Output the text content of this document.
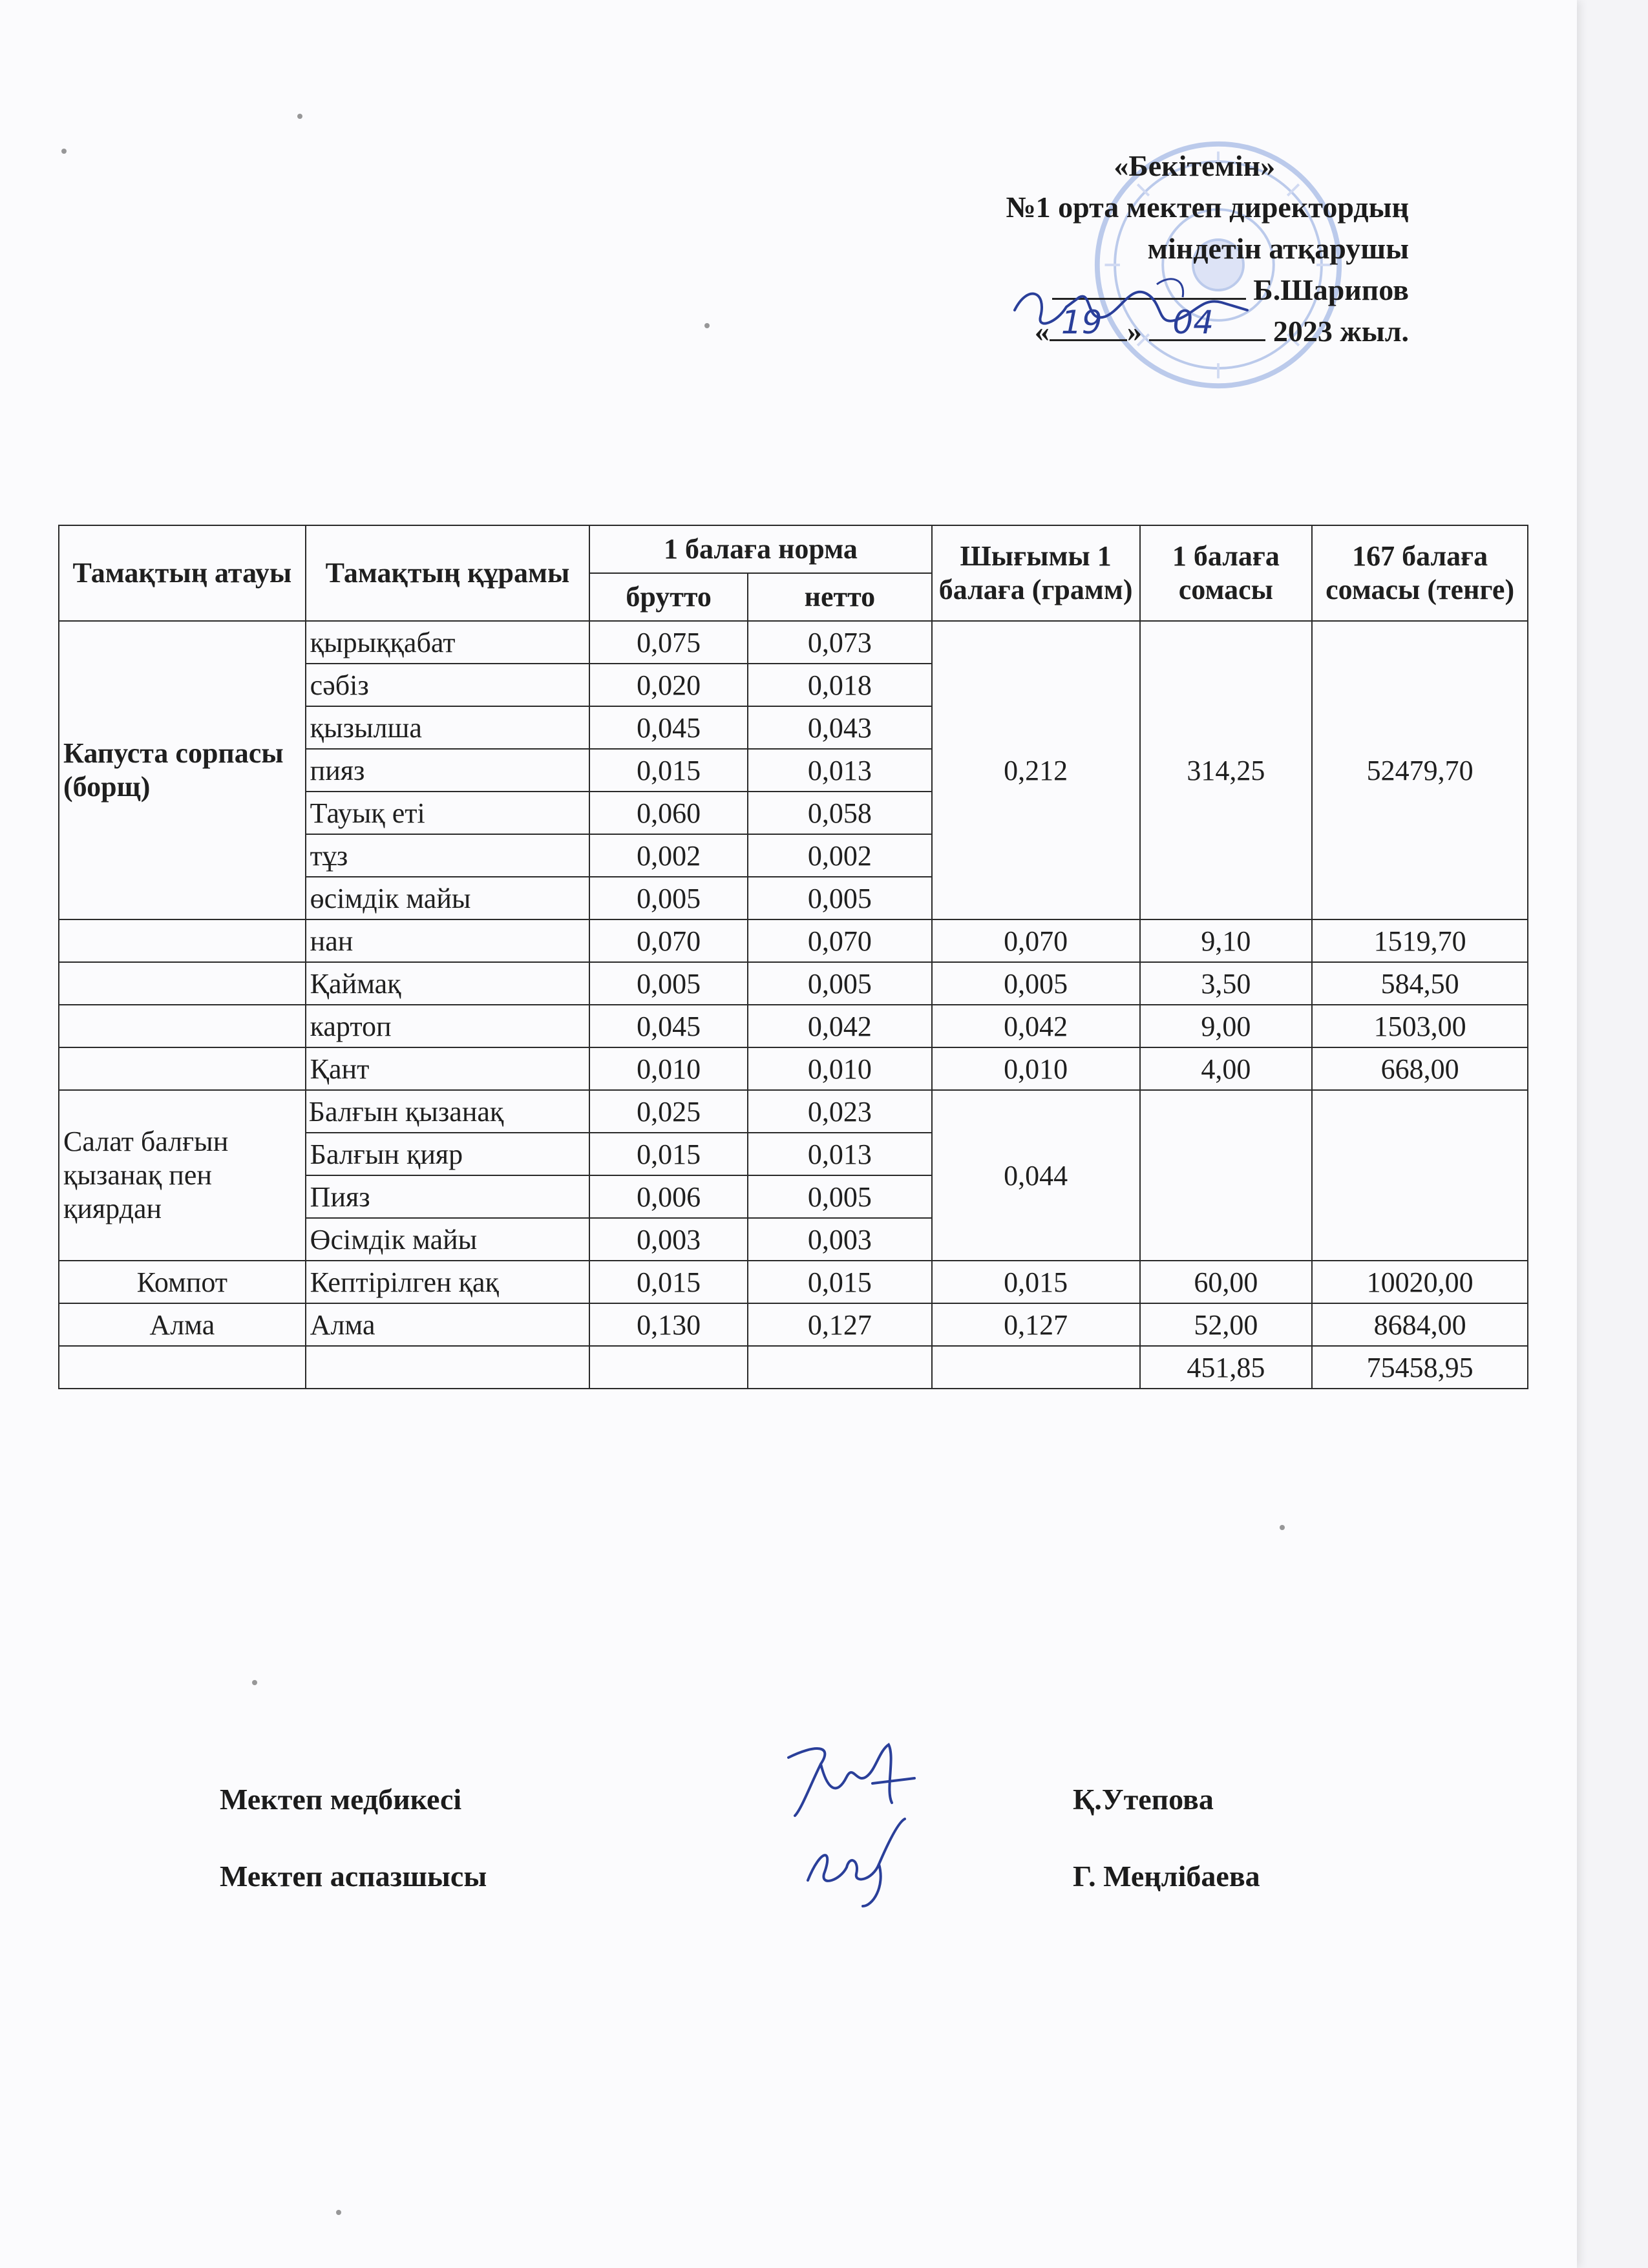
«Бекітемін»
№1 орта мектеп директордың
міндетін атқарушы
Б.Шарипов
« 19 » 04 2023 жыл.
Тамақтың атауы	Тамақтың құрамы	1 балаға норма		Шығымы 1 балаға (грамм)	1 балаға сомасы	167 балаға сомасы (тенге)
		брутто	нетто			
Капуста сорпасы (борщ)	қырыққабат	0,075	0,073	0,212	314,25	52479,70
	сәбіз	0,020	0,018			
	қызылша	0,045	0,043			
	пияз	0,015	0,013			
	Тауық еті	0,060	0,058			
	тұз	0,002	0,002			
	өсімдік майы	0,005	0,005			
	нан	0,070	0,070	0,070	9,10	1519,70
	Қаймақ	0,005	0,005	0,005	3,50	584,50
	картоп	0,045	0,042	0,042	9,00	1503,00
	Қант	0,010	0,010	0,010	4,00	668,00
Салат балғын қызанақ пен қиярдан	Балғын қызанақ	0,025	0,023	0,044		
	Балғын қияр	0,015	0,013			
	Пияз	0,006	0,005			
	Өсімдік майы	0,003	0,003			
Компот	Кептірілген қақ	0,015	0,015	0,015	60,00	10020,00
Алма	Алма	0,130	0,127	0,127	52,00	8684,00
					451,85	75458,95
Мектеп медбикесі	Қ.Утепова
Мектеп аспазшысы	Г. Меңлібаева
